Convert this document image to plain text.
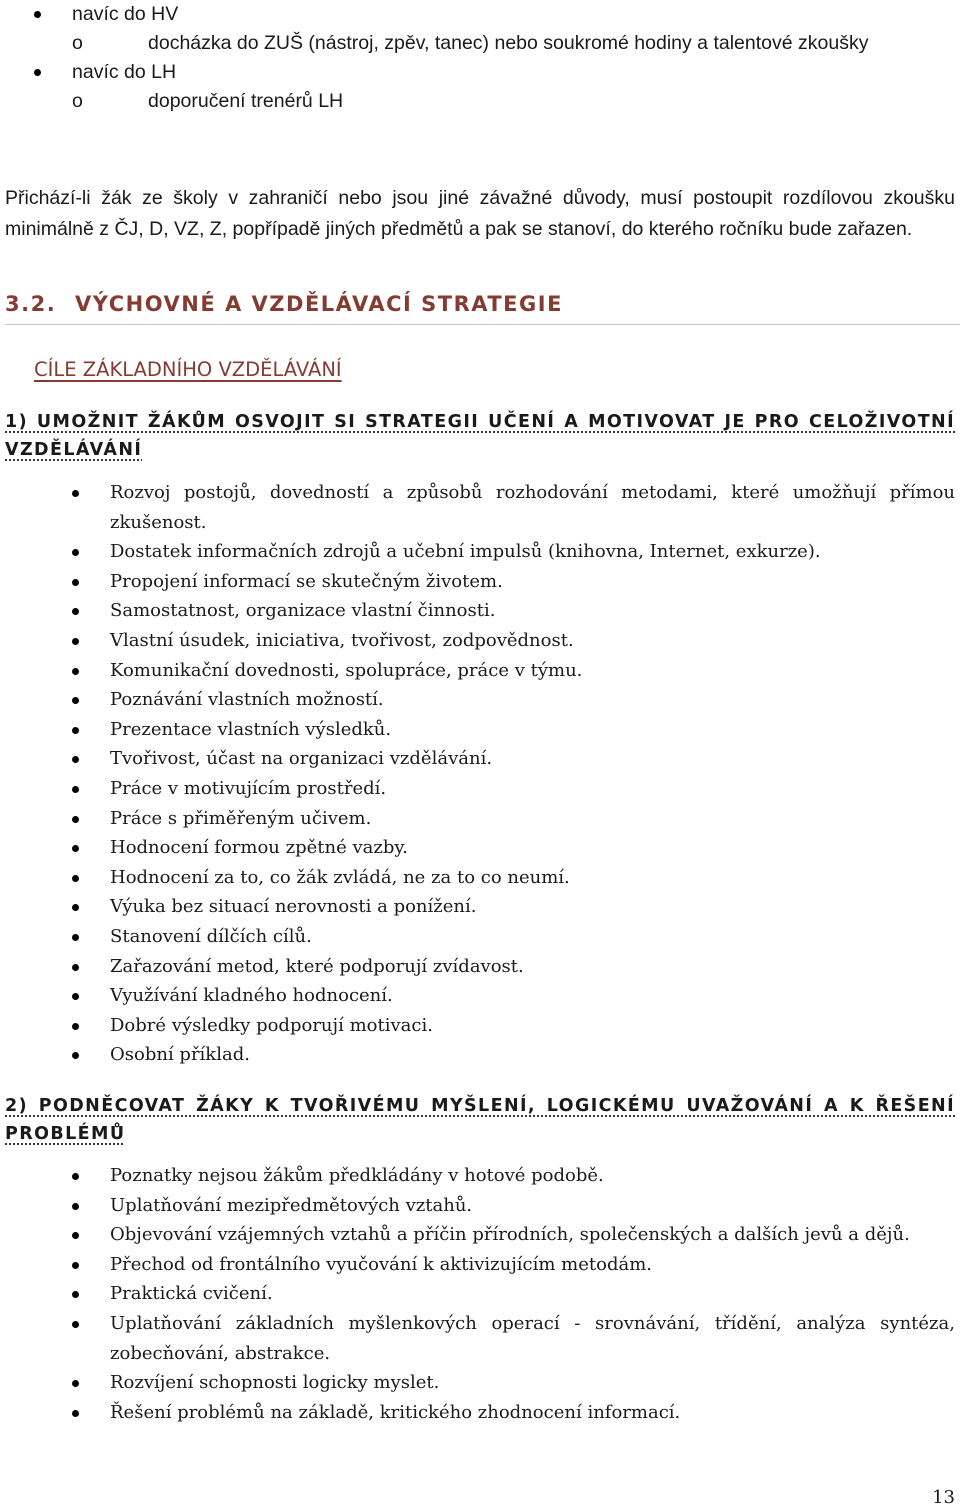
navíc do HV
o	docházka do ZUŠ (nástroj, zpěv, tanec) nebo soukromé hodiny a talentové zkoušky
navíc do LH
o	doporučení trenérů LH

Přichází-li žák ze školy v zahraničí nebo jsou jiné závažné důvody, musí postoupit rozdílovou zkoušku minimálně z ČJ, D, VZ, Z, popřípadě jiných předmětů a pak se stanoví, do kterého ročníku bude zařazen.

3.2. VÝCHOVNÉ A VZDĚLÁVACÍ STRATEGIE
CÍLE ZÁKLADNÍHO VZDĚLÁVÁNÍ
1) UMOŽNIT ŽÁKŮM OSVOJIT SI STRATEGII UČENÍ A MOTIVOVAT JE PRO CELOŽIVOTNÍ VZDĚLÁVÁNÍ
Rozvoj postojů, dovedností a způsobů rozhodování metodami, které umožňují přímou zkušenost.
Dostatek informačních zdrojů a učební impulsů (knihovna, Internet, exkurze).
Propojení informací se skutečným životem.
Samostatnost, organizace vlastní činnosti.
Vlastní úsudek, iniciativa, tvořivost, zodpovědnost.
Komunikační dovednosti, spolupráce, práce v týmu.
Poznávání vlastních možností.
Prezentace vlastních výsledků.
Tvořivost, účast na organizaci vzdělávání.
Práce v motivujícím prostředí.
Práce s přiměřeným učivem.
Hodnocení formou zpětné vazby.
Hodnocení za to, co žák zvládá, ne za to co neumí.
Výuka bez situací nerovnosti a ponížení.
Stanovení dílčích cílů.
Zařazování metod, které podporují zvídavost.
Využívání kladného hodnocení.
Dobré výsledky podporují motivaci.
Osobní příklad.
2) PODNĚCOVAT ŽÁKY K TVOŘIVÉMU MYŠLENÍ, LOGICKÉMU UVAŽOVÁNÍ A K ŘEŠENÍ PROBLÉMŮ
Poznatky nejsou žákům předkládány v hotové podobě.
Uplatňování mezipředmětových vztahů.
Objevování vzájemných vztahů a příčin přírodních, společenských a dalších jevů a dějů.
Přechod od frontálního vyučování k aktivizujícím metodám.
Praktická cvičení.
Uplatňování základních myšlenkových operací - srovnávání, třídění, analýza syntéza, zobecňování, abstrakce.
Rozvíjení schopnosti logicky myslet.
Řešení problémů na základě, kritického zhodnocení informací.
13
